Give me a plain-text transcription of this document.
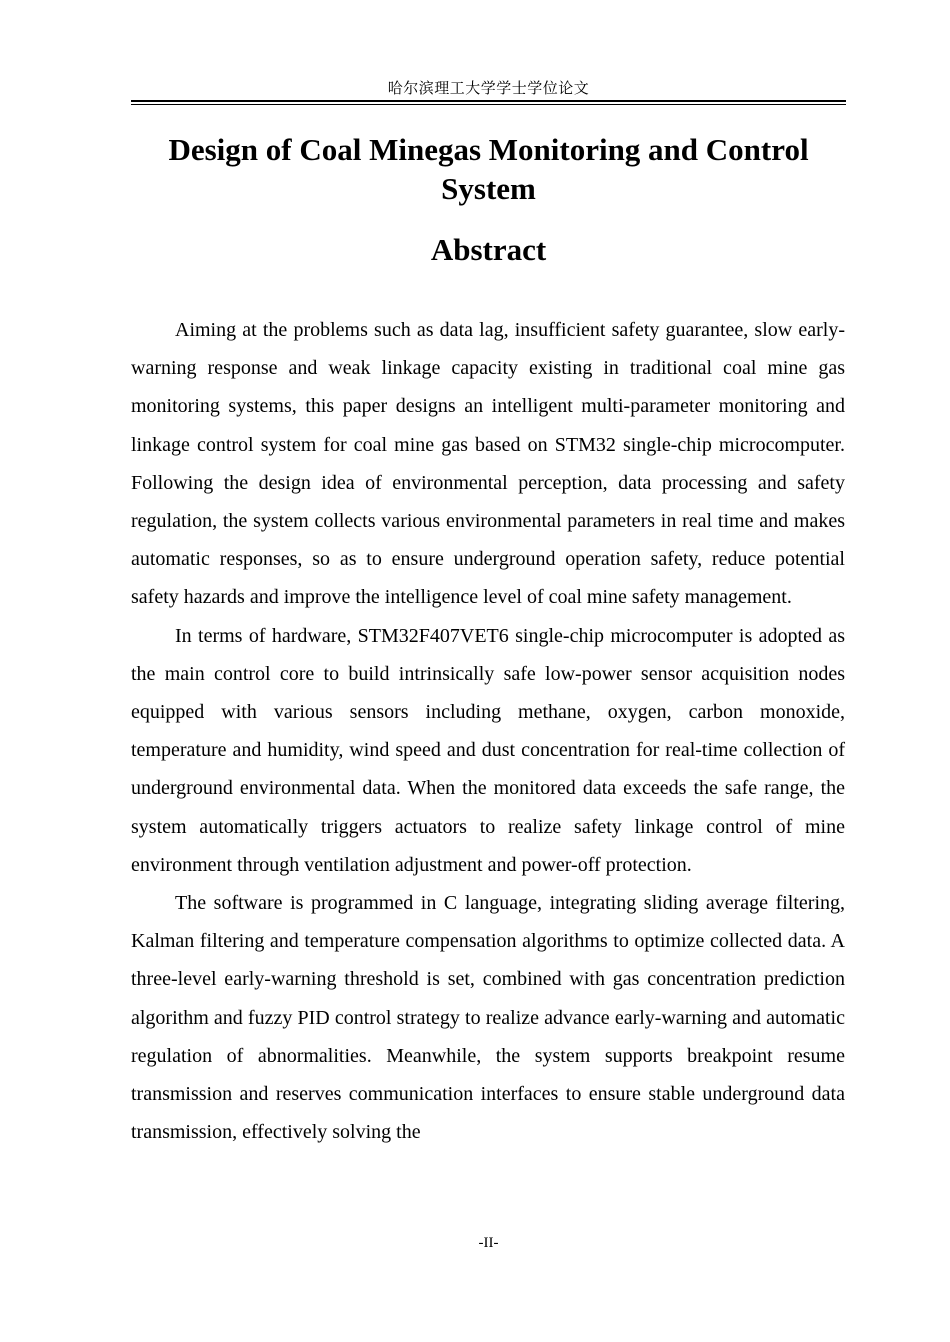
哈尔滨理工大学学士学位论文
Design of Coal Minegas Monitoring and Control System
Abstract

Aiming at the problems such as data lag, insufficient safety guarantee, slow early-warning response and weak linkage capacity existing in traditional coal mine gas monitoring systems, this paper designs an intelligent multi-parameter monitoring and linkage control system for coal mine gas based on STM32 single-chip microcomputer. Following the design idea of environmental perception, data processing and safety regulation, the system collects various environmental parameters in real time and makes automatic responses, so as to ensure underground operation safety, reduce potential safety hazards and improve the intelligence level of coal mine safety management.

In terms of hardware, STM32F407VET6 single-chip microcomputer is adopted as the main control core to build intrinsically safe low-power sensor acquisition nodes equipped with various sensors including methane, oxygen, carbon monoxide, temperature and humidity, wind speed and dust concentration for real-time collection of underground environmental data. When the monitored data exceeds the safe range, the system automatically triggers actuators to realize safety linkage control of mine environment through ventilation adjustment and power-off protection.

The software is programmed in C language, integrating sliding average filtering, Kalman filtering and temperature compensation algorithms to optimize collected data. A three-level early-warning threshold is set, combined with gas concentration prediction algorithm and fuzzy PID control strategy to realize advance early-warning and automatic regulation of abnormalities. Meanwhile, the system supports breakpoint resume transmission and reserves communication interfaces to ensure stable underground data transmission, effectively solving the

-II-
